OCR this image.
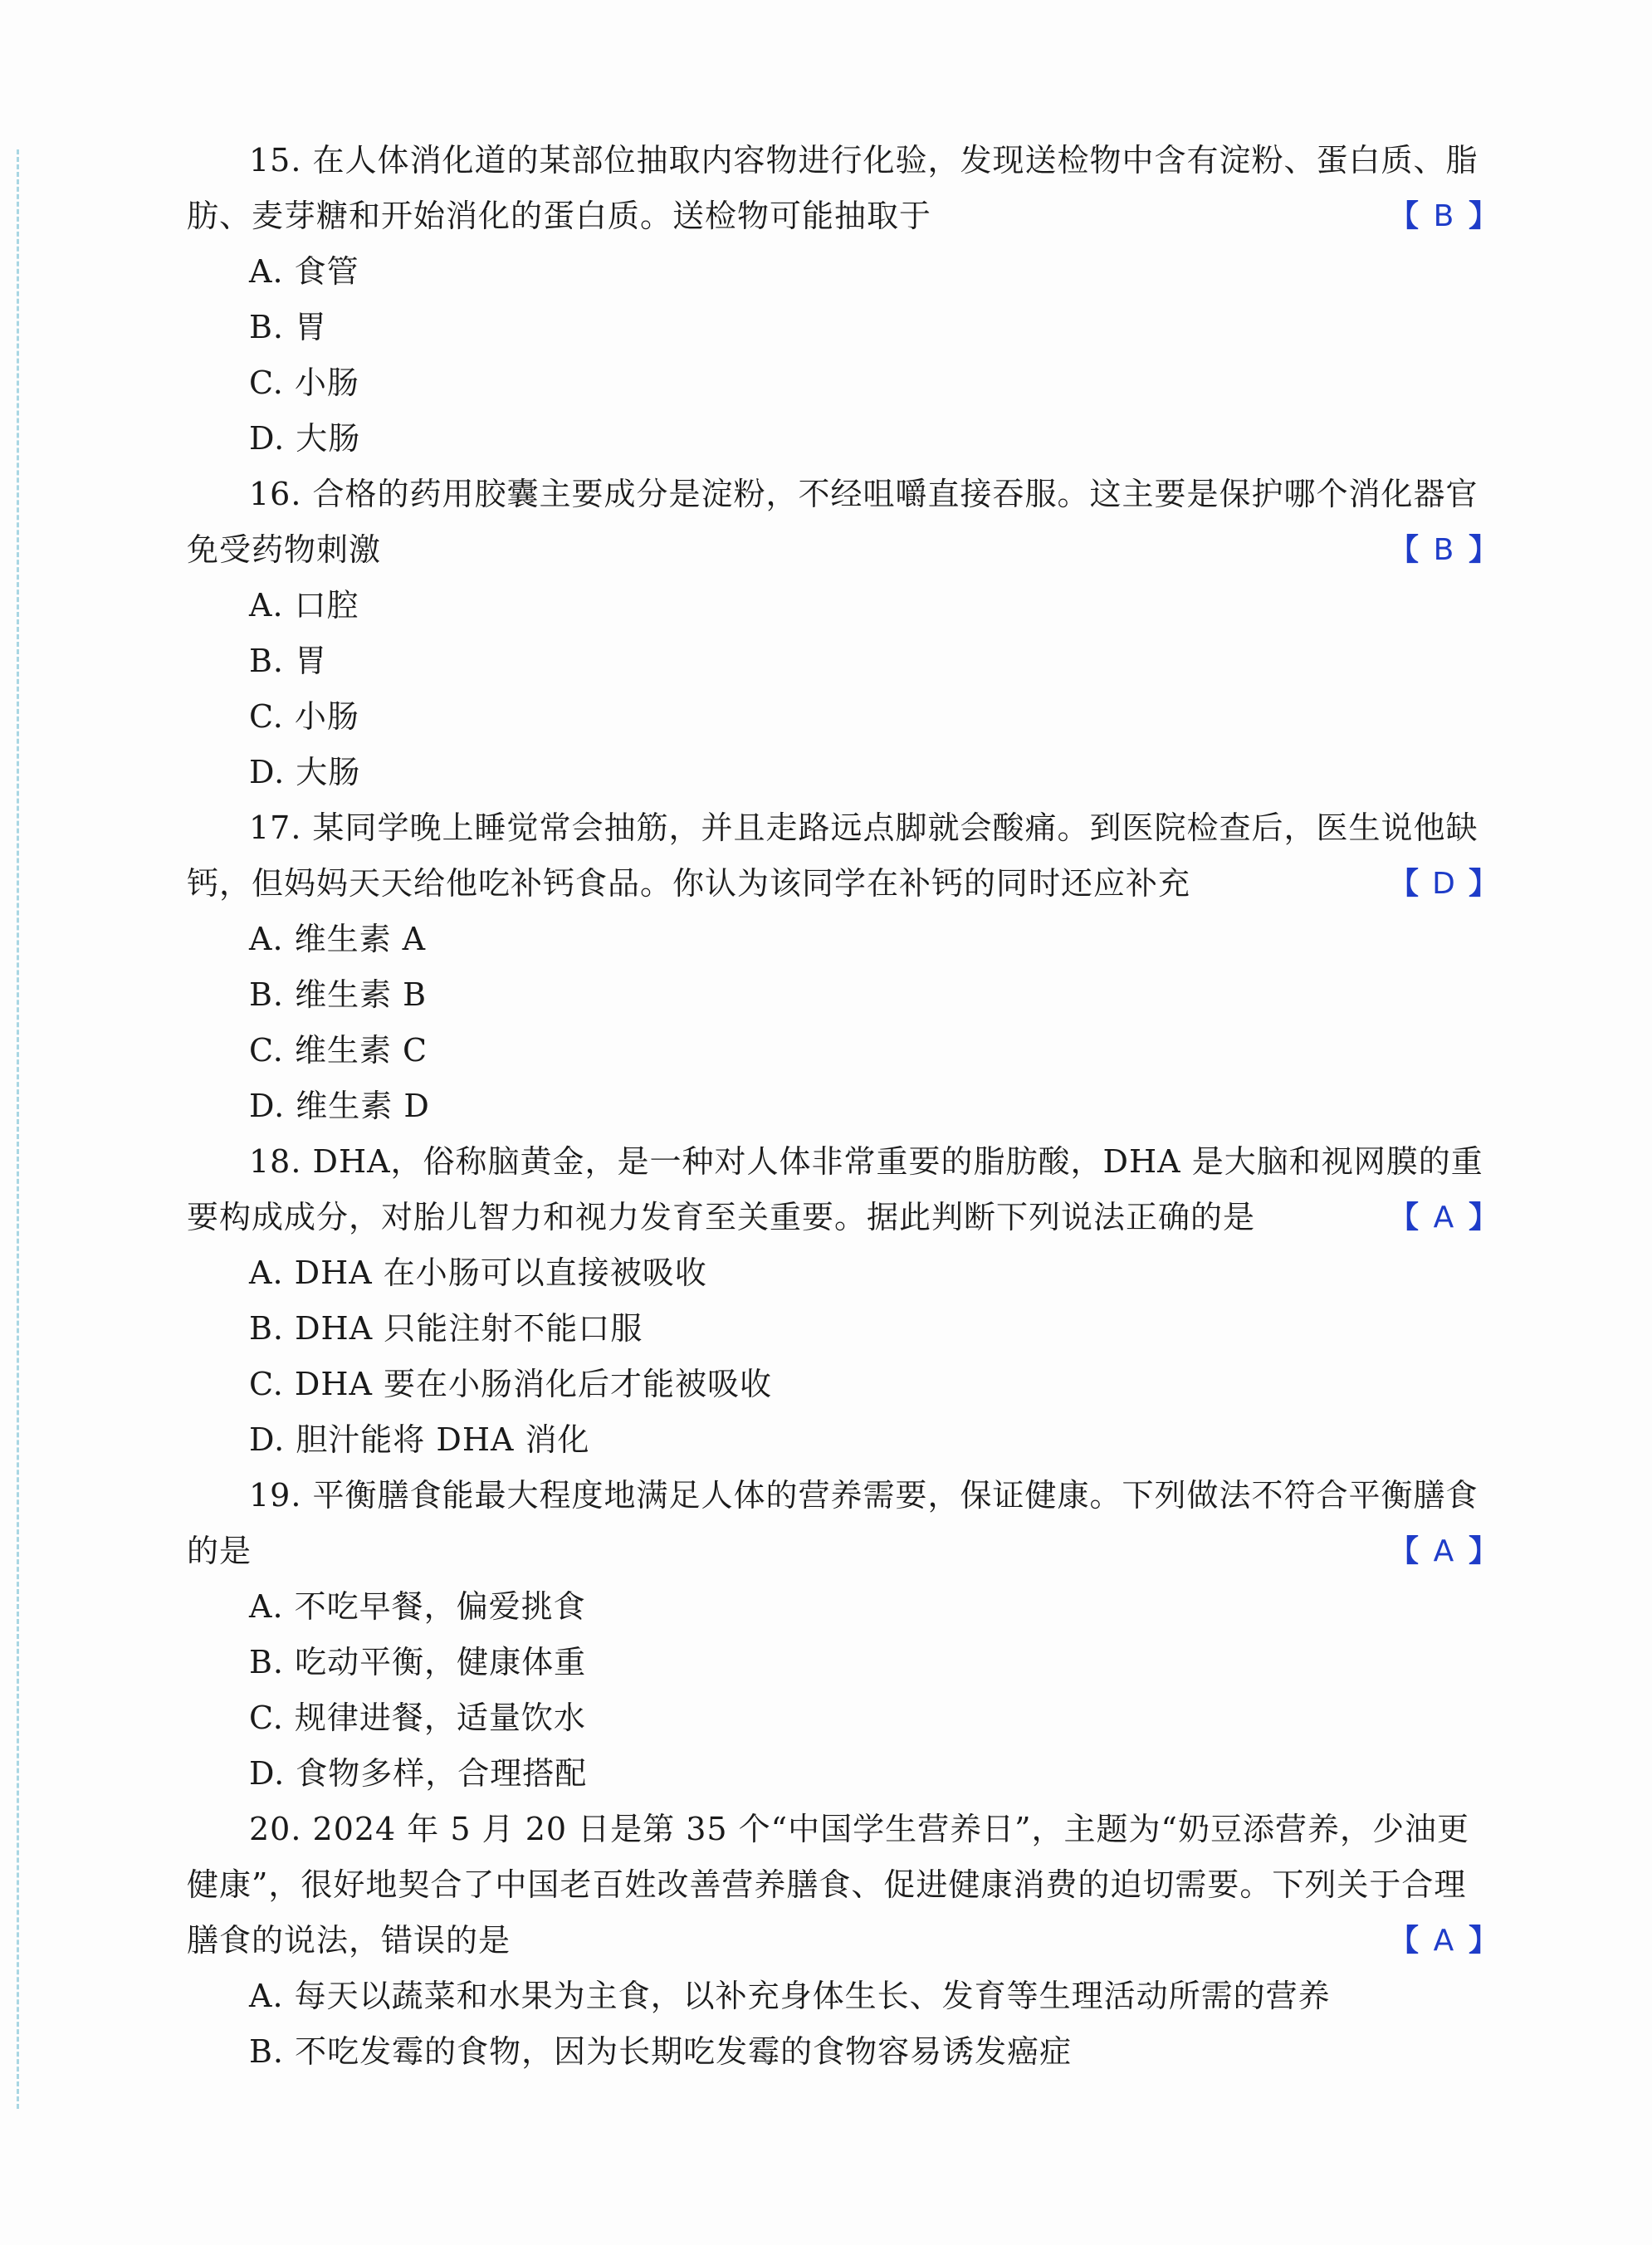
15. 在人体消化道的某部位抽取内容物进行化验，发现送检物中含有淀粉、蛋白质、脂肪、麦芽糖和开始消化的蛋白质。送检物可能抽取于	【 B 】
A. 食管
B. 胃
C. 小肠
D. 大肠
16. 合格的药用胶囊主要成分是淀粉，不经咀嚼直接吞服。这主要是保护哪个消化器官免受药物刺激	【 B 】
A. 口腔
B. 胃
C. 小肠
D. 大肠
17. 某同学晚上睡觉常会抽筋，并且走路远点脚就会酸痛。到医院检查后，医生说他缺钙，但妈妈天天给他吃补钙食品。你认为该同学在补钙的同时还应补充	【 D 】
A. 维生素 A
B. 维生素 B
C. 维生素 C
D. 维生素 D
18. DHA，俗称脑黄金，是一种对人体非常重要的脂肪酸，DHA 是大脑和视网膜的重要构成成分，对胎儿智力和视力发育至关重要。据此判断下列说法正确的是	【 A 】
A. DHA 在小肠可以直接被吸收
B. DHA 只能注射不能口服
C. DHA 要在小肠消化后才能被吸收
D. 胆汁能将 DHA 消化
19. 平衡膳食能最大程度地满足人体的营养需要，保证健康。下列做法不符合平衡膳食的是	【 A 】
A. 不吃早餐，偏爱挑食
B. 吃动平衡，健康体重
C. 规律进餐，适量饮水
D. 食物多样，合理搭配
20. 2024 年 5 月 20 日是第 35 个“中国学生营养日”，主题为“奶豆添营养，少油更健康”，很好地契合了中国老百姓改善营养膳食、促进健康消费的迫切需要。下列关于合理膳食的说法，错误的是	【 A 】
A. 每天以蔬菜和水果为主食，以补充身体生长、发育等生理活动所需的营养
B. 不吃发霉的食物，因为长期吃发霉的食物容易诱发癌症
